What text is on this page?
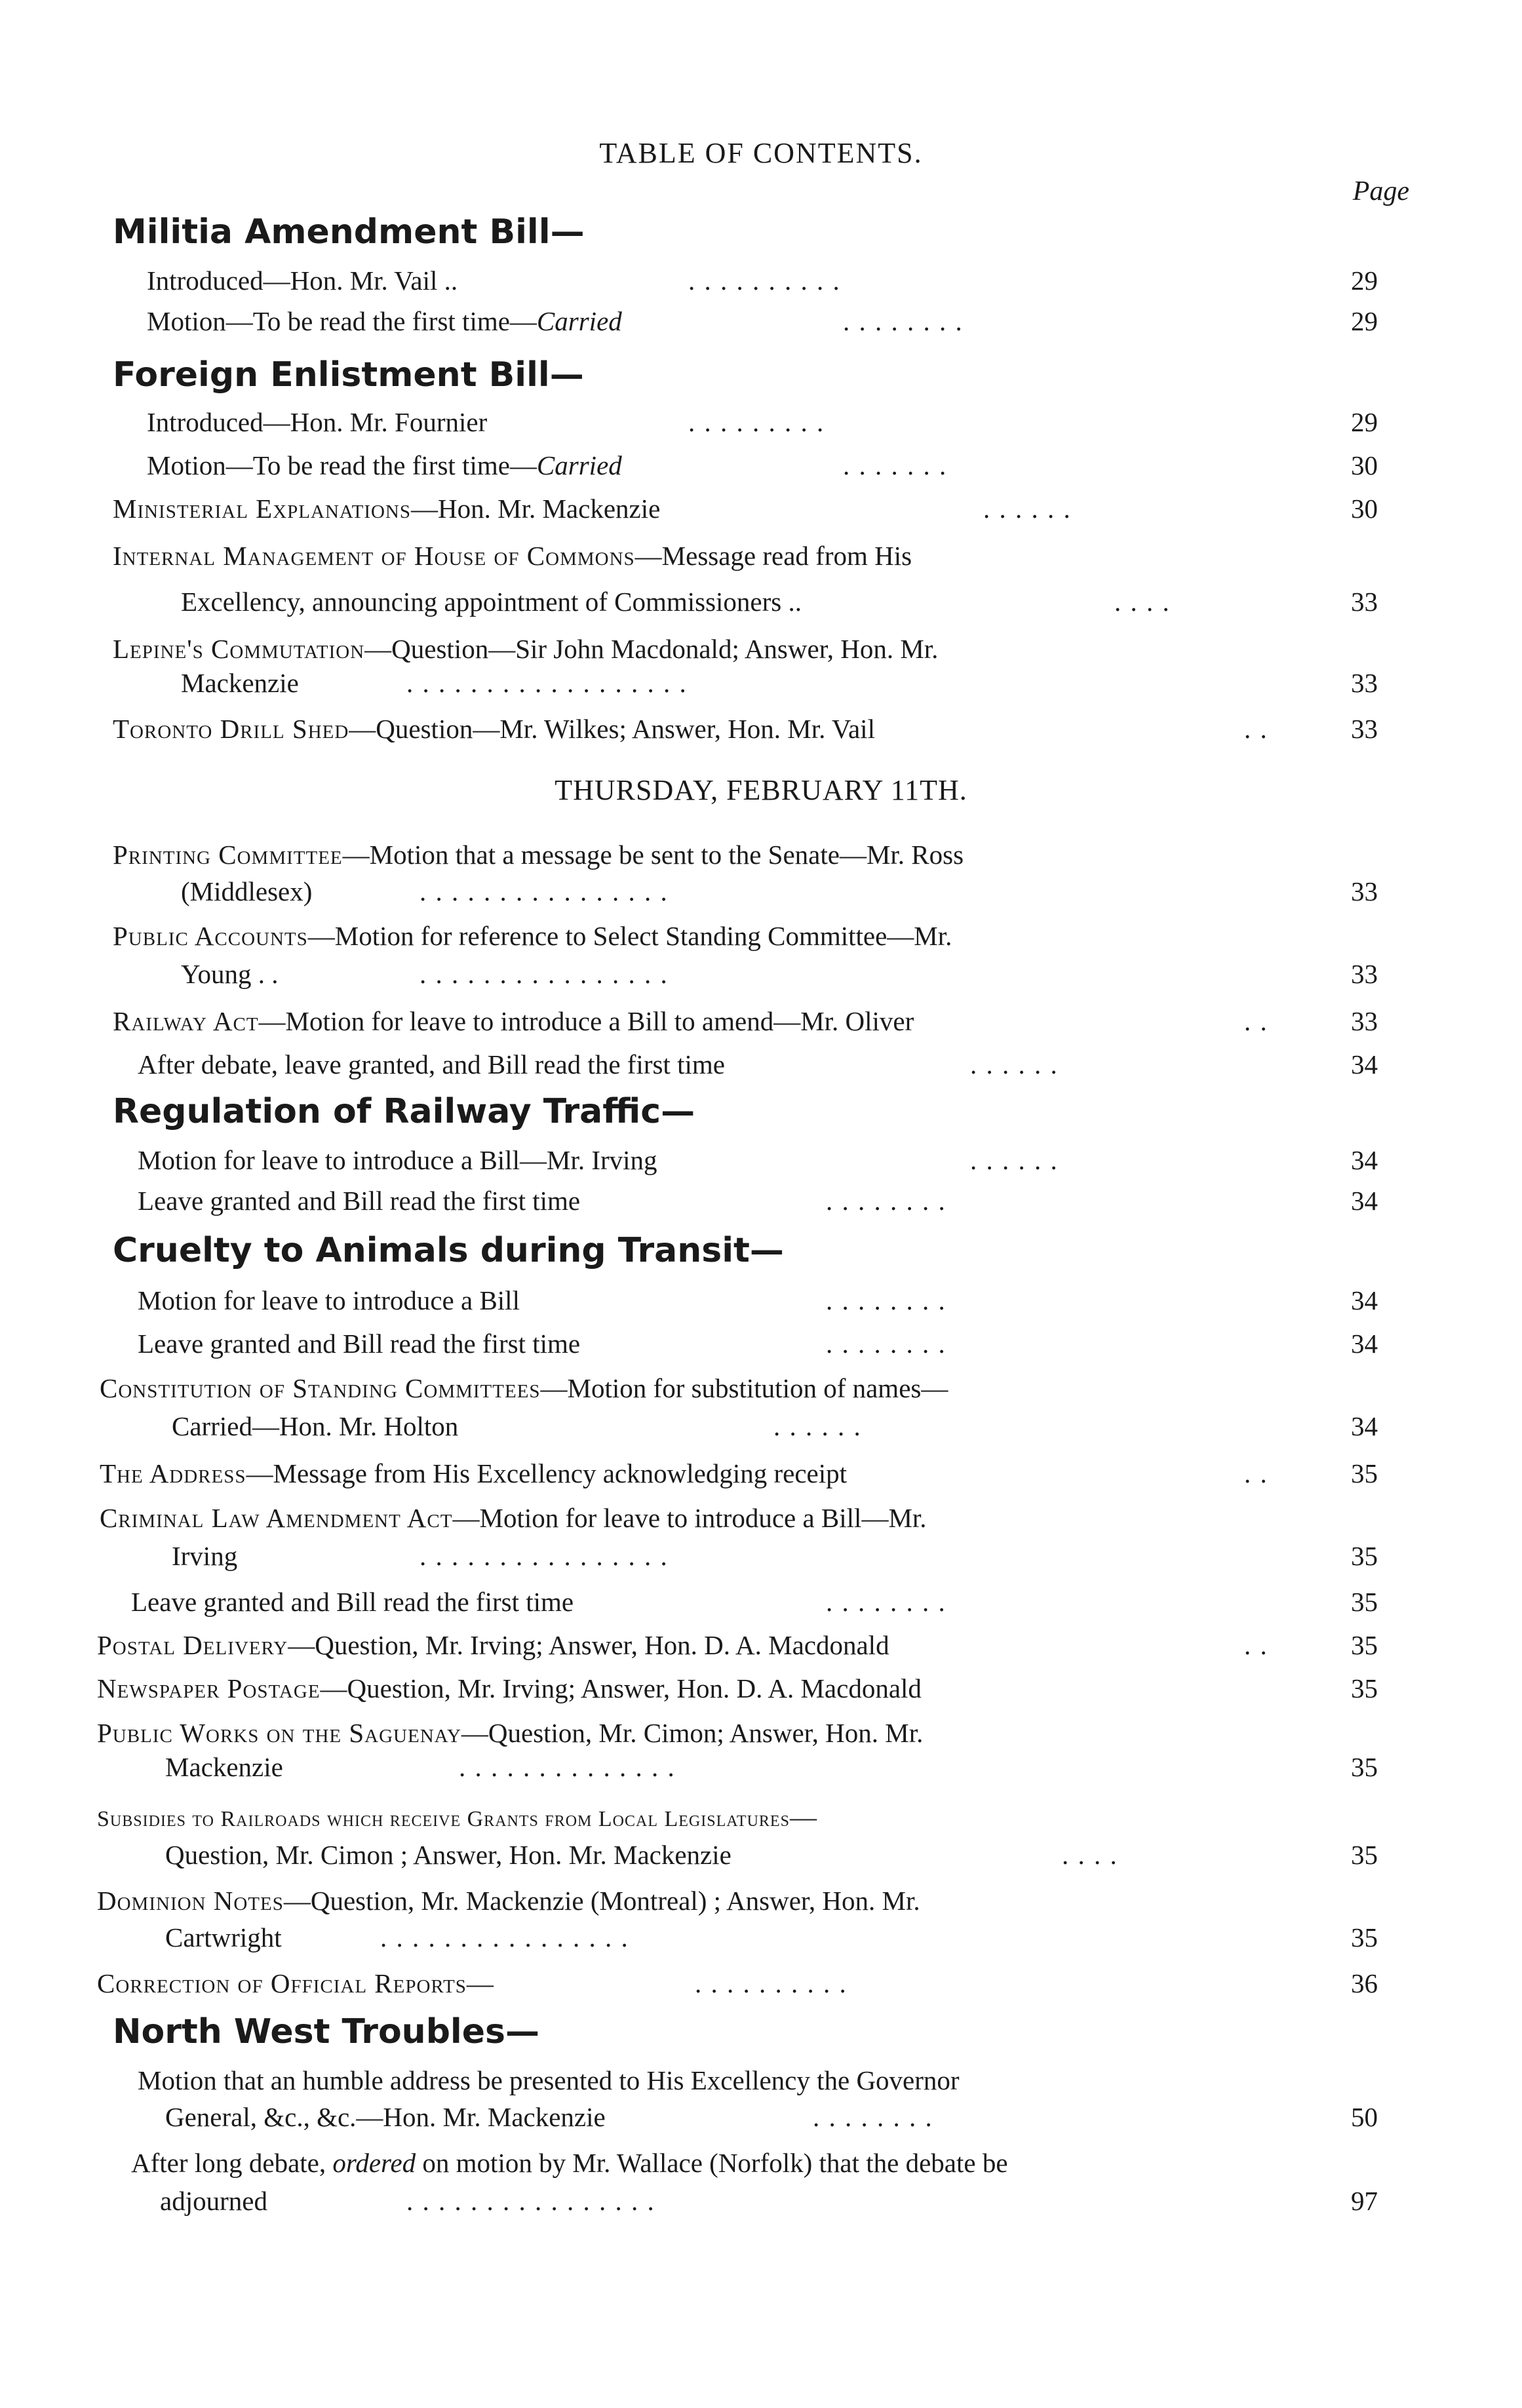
TABLE OF CONTENTS.
Page
Militia Amendment Bill—
Introduced—Hon. Mr. Vail ..	. . . . . . . . . .	29
Motion—To be read the first time—Carried	. . . . . . . .	29
Foreign Enlistment Bill—
Introduced—Hon. Mr. Fournier	. . . . . . . . .	29
Motion—To be read the first time—Carried	. . . . . . .	30
Ministerial Explanations—Hon. Mr. Mackenzie	. . . . . .	30
Internal Management of House of Commons—Message read from His
Excellency, announcing appointment of Commissioners ..	. . . .	33
Lepine's Commutation—Question—Sir John Macdonald; Answer, Hon. Mr.
Mackenzie	. . . . . . . . . . . . . . . . . .	33
Toronto Drill Shed—Question—Mr. Wilkes; Answer, Hon. Mr. Vail	. .	33
THURSDAY, FEBRUARY 11TH.
Printing Committee—Motion that a message be sent to the Senate—Mr. Ross
(Middlesex)	. . . . . . . . . . . . . . . .	33
Public Accounts—Motion for reference to Select Standing Committee—Mr.
Young . .	. . . . . . . . . . . . . . . .	33
Railway Act—Motion for leave to introduce a Bill to amend—Mr. Oliver	. .	33
After debate, leave granted, and Bill read the first time	. . . . . .	34
Regulation of Railway Traffic—
Motion for leave to introduce a Bill—Mr. Irving	. . . . . .	34
Leave granted and Bill read the first time	. . . . . . . .	34
Cruelty to Animals during Transit—
Motion for leave to introduce a Bill	. . . . . . . .	34
Leave granted and Bill read the first time	. . . . . . . .	34
Constitution of Standing Committees—Motion for substitution of names—
Carried—Hon. Mr. Holton	. . . . . .	34
The Address—Message from His Excellency acknowledging receipt	. .	35
Criminal Law Amendment Act—Motion for leave to introduce a Bill—Mr.
Irving	. . . . . . . . . . . . . . . .	35
Leave granted and Bill read the first time	. . . . . . . .	35
Postal Delivery—Question, Mr. Irving; Answer, Hon. D. A. Macdonald	. .	35
Newspaper Postage—Question, Mr. Irving; Answer, Hon. D. A. Macdonald	35
Public Works on the Saguenay—Question, Mr. Cimon; Answer, Hon. Mr.
Mackenzie	. . . . . . . . . . . . . .	35
Subsidies to Railroads which receive Grants from Local Legislatures—
Question, Mr. Cimon ; Answer, Hon. Mr. Mackenzie	. . . .	35
Dominion Notes—Question, Mr. Mackenzie (Montreal) ; Answer, Hon. Mr.
Cartwright	. . . . . . . . . . . . . . . .	35
Correction of Official Reports—	. . . . . . . . . .	36
North West Troubles—
Motion that an humble address be presented to His Excellency the Governor
General, &c., &c.—Hon. Mr. Mackenzie	. . . . . . . .	50
After long debate, ordered on motion by Mr. Wallace (Norfolk) that the debate be
adjourned	. . . . . . . . . . . . . . . .	97
